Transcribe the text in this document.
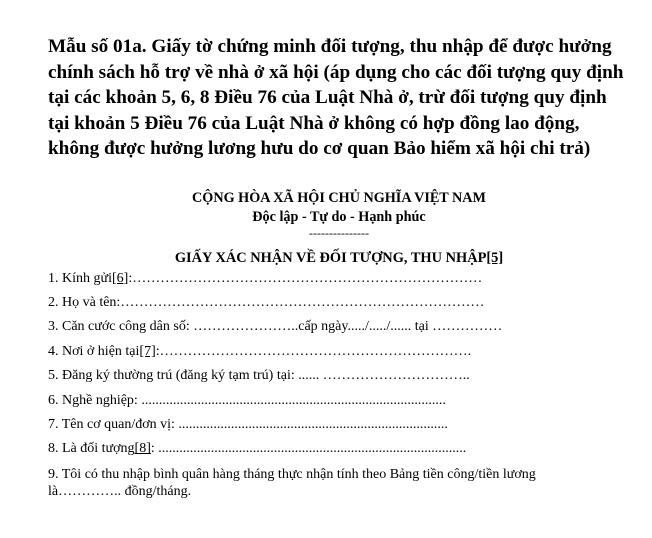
Mẫu số 01a. Giấy tờ chứng minh đối tượng, thu nhập để được hưởng chính sách hỗ trợ về nhà ở xã hội (áp dụng cho các đối tượng quy định tại các khoản 5, 6, 8 Điều 76 của Luật Nhà ở, trừ đối tượng quy định tại khoản 5 Điều 76 của Luật Nhà ở không có hợp đồng lao động, không được hưởng lương hưu do cơ quan Bảo hiểm xã hội chi trả)

CỘNG HÒA XÃ HỘI CHỦ NGHĨA VIỆT NAM
Độc lập - Tự do - Hạnh phúc
---------------
GIẤY XÁC NHẬN VỀ ĐỐI TƯỢNG, THU NHẬP[5]
1. Kính gửi[6]:…………………………………………………………………
2. Họ và tên:……………………………………………………………………
3. Căn cước công dân số: …………………..cấp ngày...../...../...... tại ……………
4. Nơi ở hiện tại[7]:………………………………………………………….
5. Đăng ký thường trú (đăng ký tạm trú) tại: ...... …………………………..
6. Nghề nghiệp: .......................................................................................
7. Tên cơ quan/đơn vị: .............................................................................
8. Là đối tượng[8]: ........................................................................................
9. Tôi có thu nhập bình quân hàng tháng thực nhận tính theo Bảng tiền công/tiền lương
là………….. đồng/tháng.
